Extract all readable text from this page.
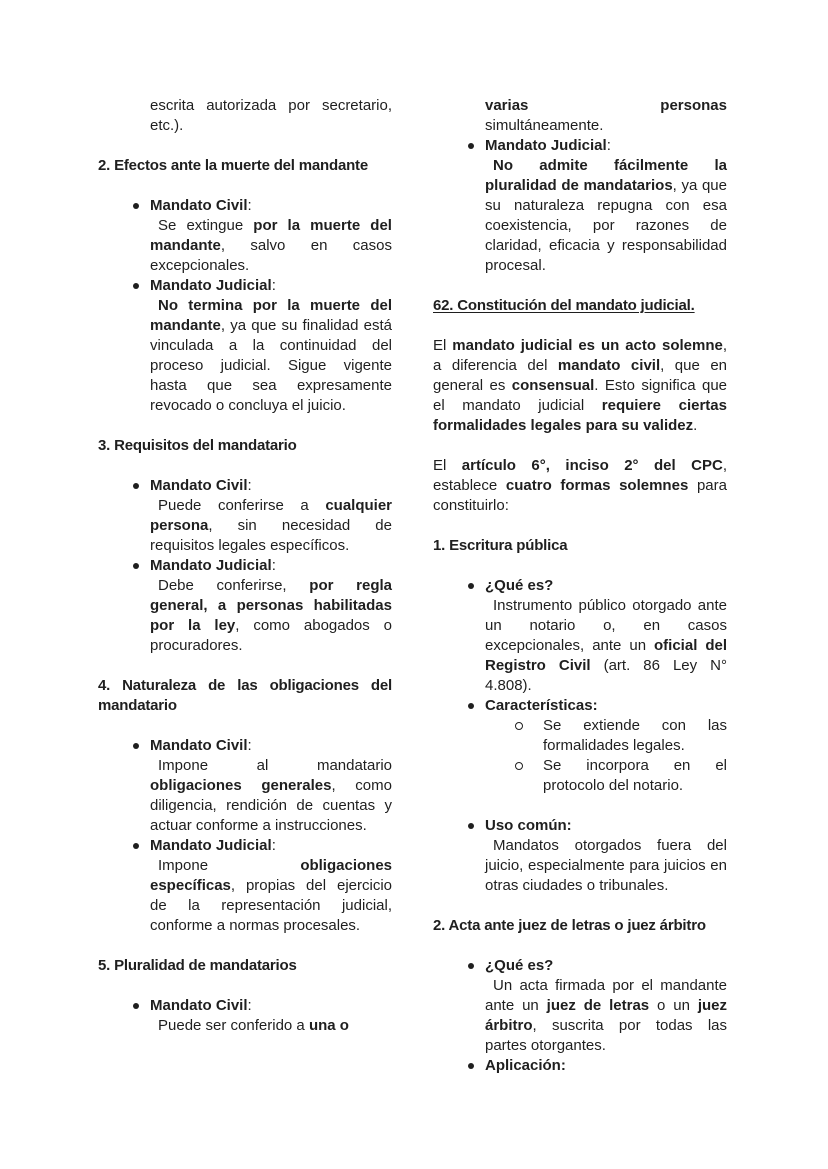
escrita autorizada por secretario,
etc.).
2. Efectos ante la muerte del mandante
Mandato Civil:
Se extingue por la muerte del mandante, salvo en casos excepcionales.
Mandato Judicial:
No termina por la muerte del mandante, ya que su finalidad está vinculada a la continuidad del proceso judicial. Sigue vigente hasta que sea expresamente revocado o concluya el juicio.
3. Requisitos del mandatario
Mandato Civil:
Puede conferirse a cualquier persona, sin necesidad de requisitos legales específicos.
Mandato Judicial:
Debe conferirse, por regla general, a personas habilitadas por la ley, como abogados o procuradores.
4. Naturaleza de las obligaciones del mandatario
Mandato Civil:
Impone al mandatario obligaciones generales, como diligencia, rendición de cuentas y actuar conforme a instrucciones.
Mandato Judicial:
Impone obligaciones específicas, propias del ejercicio de la representación judicial, conforme a normas procesales.
5. Pluralidad de mandatarios
Mandato Civil:
Puede ser conferido a una o
varias personas
simultáneamente.
Mandato Judicial:
No admite fácilmente la pluralidad de mandatarios, ya que su naturaleza repugna con esa coexistencia, por razones de claridad, eficacia y responsabilidad procesal.
62. Constitución del mandato judicial.
El mandato judicial es un acto solemne, a diferencia del mandato civil, que en general es consensual. Esto significa que el mandato judicial requiere ciertas formalidades legales para su validez.
El artículo 6°, inciso 2° del CPC, establece cuatro formas solemnes para constituirlo:
1. Escritura pública
¿Qué es?
Instrumento público otorgado ante un notario o, en casos excepcionales, ante un oficial del Registro Civil (art. 86 Ley N° 4.808).
Características:
Se extiende con las formalidades legales.
Se incorpora en el protocolo del notario.
Uso común:
Mandatos otorgados fuera del juicio, especialmente para juicios en otras ciudades o tribunales.
2. Acta ante juez de letras o juez árbitro
¿Qué es?
Un acta firmada por el mandante ante un juez de letras o un juez árbitro, suscrita por todas las partes otorgantes.
Aplicación:
